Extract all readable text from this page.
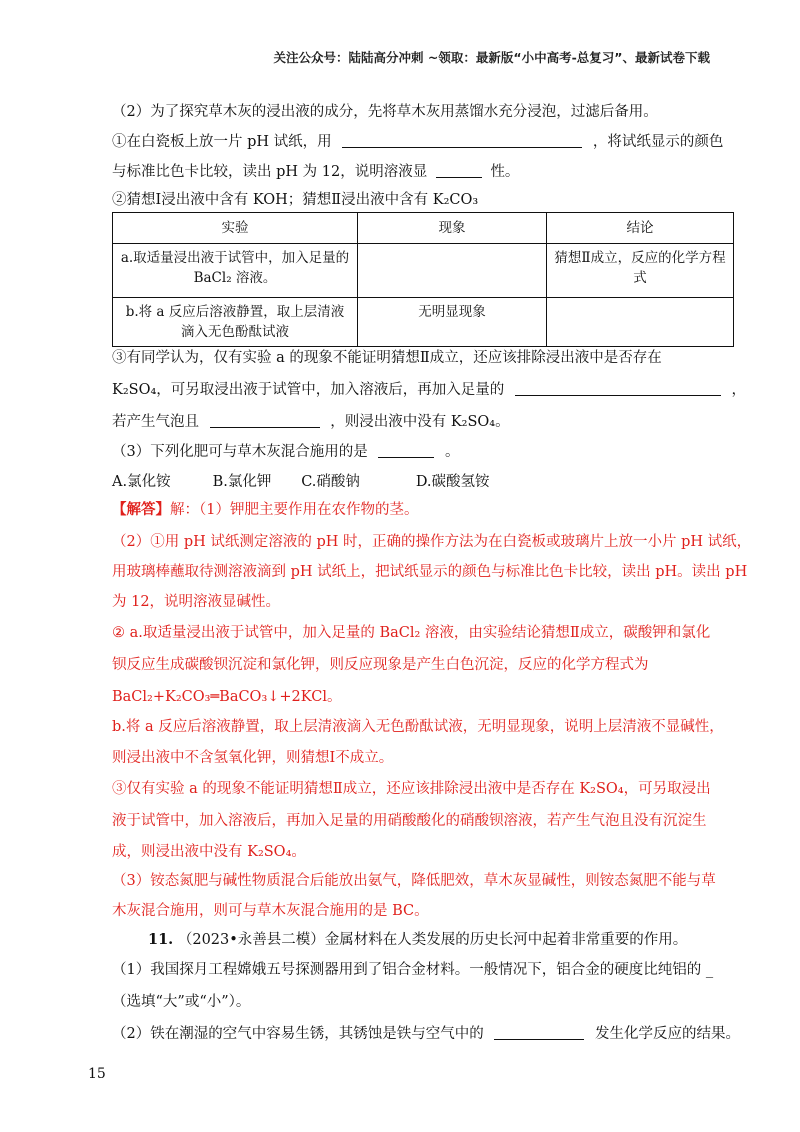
关注公众号：陆陆高分冲刺 ~领取：最新版“小中高考-总复习”、最新试卷下载
（2）为了探究草木灰的浸出液的成分，先将草木灰用蒸馏水充分浸泡，过滤后备用。
①在白瓷板上放一片 pH 试纸，用	，将试纸显示的颜色
与标准比色卡比较，读出 pH 为 12，说明溶液显	性。
②猜想Ⅰ浸出液中含有 KOH；猜想Ⅱ浸出液中含有 K₂CO₃
实验	现象	结论
a.取适量浸出液于试管中，加入足量的 BaCl₂ 溶液。		猜想Ⅱ成立，反应的化学方程式
b.将 a 反应后溶液静置，取上层清液滴入无色酚酞试液	无明显现象	
③有同学认为，仅有实验 a 的现象不能证明猜想Ⅱ成立，还应该排除浸出液中是否存在
K₂SO₄，可另取浸出液于试管中，加入溶液后，再加入足量的	，
若产生气泡且	，则浸出液中没有 K₂SO₄。
（3）下列化肥可与草木灰混合施用的是	。
A.氯化铵	B.氯化钾 C.硝酸钠	D.碳酸氢铵
【解答】解：（1）钾肥主要作用在农作物的茎。
（2）①用 pH 试纸测定溶液的 pH 时，正确的操作方法为在白瓷板或玻璃片上放一小片 pH 试纸，
用玻璃棒蘸取待测溶液滴到 pH 试纸上，把试纸显示的颜色与标准比色卡比较，读出 pH。读出 pH
为 12，说明溶液显碱性。
② a.取适量浸出液于试管中，加入足量的 BaCl₂ 溶液，由实验结论猜想Ⅱ成立，碳酸钾和氯化
钡反应生成碳酸钡沉淀和氯化钾，则反应现象是产生白色沉淀，反应的化学方程式为
BaCl₂+K₂CO₃═BaCO₃↓+2KCl。
b.将 a 反应后溶液静置，取上层清液滴入无色酚酞试液，无明显现象，说明上层清液不显碱性，
则浸出液中不含氢氧化钾，则猜想Ⅰ不成立。
③仅有实验 a 的现象不能证明猜想Ⅱ成立，还应该排除浸出液中是否存在 K₂SO₄，可另取浸出
液于试管中，加入溶液后，再加入足量的用硝酸酸化的硝酸钡溶液，若产生气泡且没有沉淀生
成，则浸出液中没有 K₂SO₄。
（3）铵态氮肥与碱性物质混合后能放出氨气，降低肥效，草木灰显碱性，则铵态氮肥不能与草
木灰混合施用，则可与草木灰混合施用的是 BC。
11. （2023•永善县二模）金属材料在人类发展的历史长河中起着非常重要的作用。
（1）我国探月工程嫦娥五号探测器用到了铝合金材料。一般情况下，铝合金的硬度比纯铝的 _
（选填“大”或“小”）。
（2）铁在潮湿的空气中容易生锈，其锈蚀是铁与空气中的	发生化学反应的结果。
15
